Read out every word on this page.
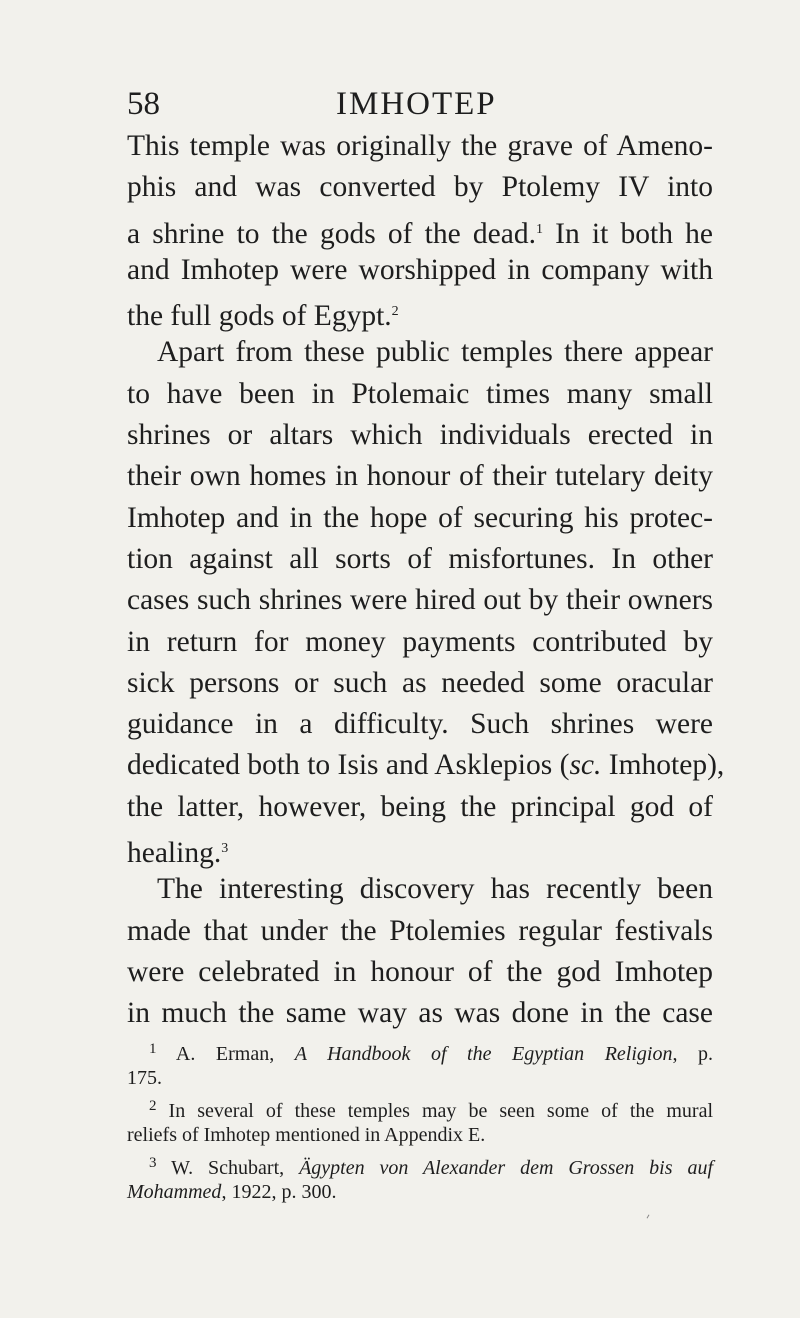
58	IMHOTEP
This temple was originally the grave of Ameno-
phis and was converted by Ptolemy IV into
a shrine to the gods of the dead.$^1$ In it both he
and Imhotep were worshipped in company with
the full gods of Egypt.$^2$
Apart from these public temples there appear
to have been in Ptolemaic times many small
shrines or altars which individuals erected in
their own homes in honour of their tutelary deity
Imhotep and in the hope of securing his protec-
tion against all sorts of misfortunes. In other
cases such shrines were hired out by their owners
in return for money payments contributed by
sick persons or such as needed some oracular
guidance in a difficulty. Such shrines were
dedicated both to Isis and Asklepios (sc. Imhotep),
the latter, however, being the principal god of
healing.$^3$
The interesting discovery has recently been
made that under the Ptolemies regular festivals
were celebrated in honour of the god Imhotep
in much the same way as was done in the case
$^1$ A. Erman, A Handbook of the Egyptian Religion, p.
175.
$^2$ In several of these temples may be seen some of the mural
reliefs of Imhotep mentioned in Appendix E.
$^3$ W. Schubart, Ägypten von Alexander dem Grossen bis auf
Mohammed, 1922, p. 300.
